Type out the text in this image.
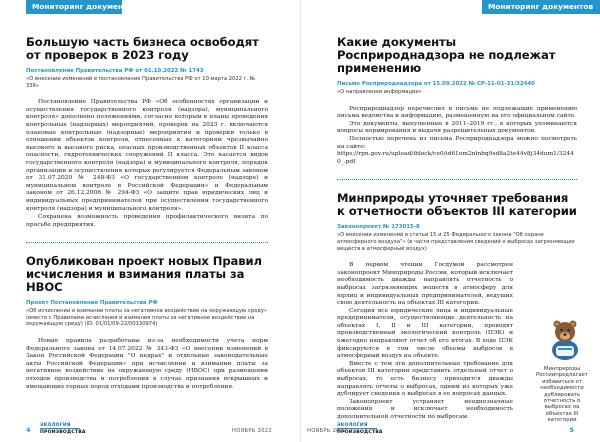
Мониторинг документов
Большую часть бизнеса освободят от проверок в 2023 году
Постановление Правительства РФ от 01.10.2022 № 1743
«О внесении изменений в постановление Правительства РФ от 10 марта 2022 г. № 336»

Постановление Правительства РФ «Об особенностях организации и осуществления государственного контроля (надзора), муниципального контроля» дополнено положениями, согласно которым в планы проведения контрольных (надзорных) мероприятий, проверок на 2023 г. включаются плановые контрольные (надзорные) мероприятия и проверки только в отношении объектов контроля, отнесенных к категориям чрезвычайно высокого и высокого риска, опасных производственных объектов II класса опасности, гидротехнических сооружений II класса. Это касается видов государственного контроля (надзора) и муниципального контроля, порядок организации и осуществления которых регулируется Федеральным законом от 31.07.2020 № 248-ФЗ «О государственном контроле (надзоре) и муниципальном контроле в Российской Федерации» и Федеральным законом от 26.12.2008 № 294-ФЗ «О защите прав юридических лиц и индивидуальных предпринимателей при осуществлении государственного контроля (надзора) и муниципального контроля».

Сохранена возможность проведения профилактического визита по просьбе предприятия.

Опубликован проект новых Правил исчисления и взимания платы за НВОС
Проект Постановления Правительства РФ
«Об исчислении и взимании платы за негативное воздействие на окружающую среду» (вместе с Правилами исчисления и взимания платы за негативное воздействие на окружающую среду) (ID: 01/01/09-22/00130974)

Новые правила разработаны из-за необходимости учета норм Федерального закона от 14.07.2022 № 343-ФЗ «О внесении изменений в Закон Российской Федерации "О недрах" и отдельные законодательные акты Российской Федерации» при исчислении и взимании платы за негативное воздействие на окружающую среду (НВОС) при размещении отходов производства и потребления в случае признания вскрышных и вмещающих горных пород отходами производства и потребления.

4
ЭКОЛОГИЯ
ПРОИЗВОДСТВА	НОЯБРЬ 2022
Мониторинг документов
Какие документы Росприроднадзора не подлежат применению
Письмо Росприроднадзора от 15.09.2022 № СР-11-01-31/32440
«О направлении информации»

Росприроднадзор перечислил в письме не подлежащие применению письма ведомства и информацию, размещенную на его официальном сайте.

Это документы, выпущенные в 2011–2019 гг., в которых упоминаются вопросы нормирования и выдачи разрешительных документов.

Полностью перечень из письма Росприроднадзора можно посмотреть на сайте:

https://rpn.gov.ru/upload/iblock/ce0/id61om2nlnbq9sd8a2te44v8j34dum1/32440_.pdf

Минприроды уточняет требования к отчетности объектов III категории
Законопроект № 173015-8
«О внесении изменений в статьи 15 и 25 Федерального закона "Об охране атмосферного воздуха"» (в части представления сведений о выбросах загрязняющих веществ в атмосферный воздух)

В первом чтении Госдумой рассмотрен законопроект Минприроды России, который исключает необходимость дважды направлять отчетность о выбросах загрязняющих веществ в атмосферу для юрлиц и индивидуальных предпринимателей, ведущих свою деятельность на объектах III категории.

Сегодня все юридические лица и индивидуальные предприниматели, осуществляющие деятельность на объектах I, II и III категории, проводят производственный экологический контроль (ПЭК) и ежегодно направляют отчет об его итогах. В ходе ПЭК фиксируются в том числе объемы выбросов в атмосферный воздух на объекте.

Вместе с тем эти дополнительные требование для объектов III категории представить отдельный отчет о выбросах, то есть бизнесу приходится дважды направлять отчеты о выбросах, одним из которых уже дублирует сведения о выбросах в ее вопросах данных.

Законопроект устраняет неоднозначные положения и исключает необходимость дополнительной отчетности по выбросам.

Минприроды Россиипредлагает избавиться от необходимости дублировать отчетность о выбросах на объектах III категории
ЭКОЛОГИЯ
ПРОИЗВОДСТВА
НОЯБРЬ 2022	5
